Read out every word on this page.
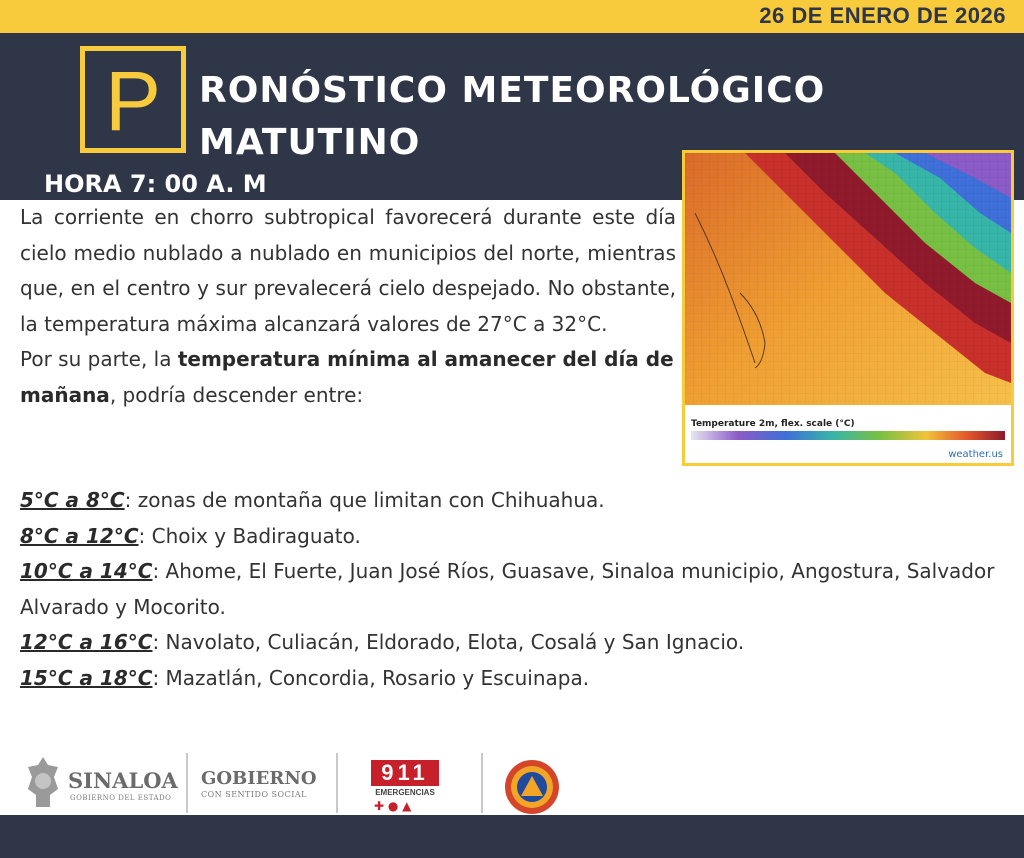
26 DE ENERO DE 2026
P	RONÓSTICO METEOROLÓGICO
MATUTINO
HORA 7: 00 A. M
Temperature 2m, flex. scale (°C)
weather.us

La corriente en chorro subtropical favorecerá durante este día cielo medio nublado a nublado en municipios del norte, mientras que, en el centro y sur prevalecerá cielo despejado. No obstante, la temperatura máxima alcanzará valores de 27°C a 32°C.

Por su parte, la temperatura mínima al amanecer del día de mañana, podría descender entre:

5°C a 8°C: zonas de montaña que limitan con Chihuahua.
8°C a 12°C: Choix y Badiraguato.
10°C a 14°C: Ahome, El Fuerte, Juan José Ríos, Guasave, Sinaloa municipio, Angostura, Salvador Alvarado y Mocorito.
12°C a 16°C: Navolato, Culiacán, Eldorado, Elota, Cosalá y San Ignacio.
15°C a 18°C: Mazatlán, Concordia, Rosario y Escuinapa.
SINALOA
GOBIERNO DEL ESTADO
GOBIERNO
CON SENTIDO SOCIAL
911
EMERGENCIAS
✚ ● ▲
